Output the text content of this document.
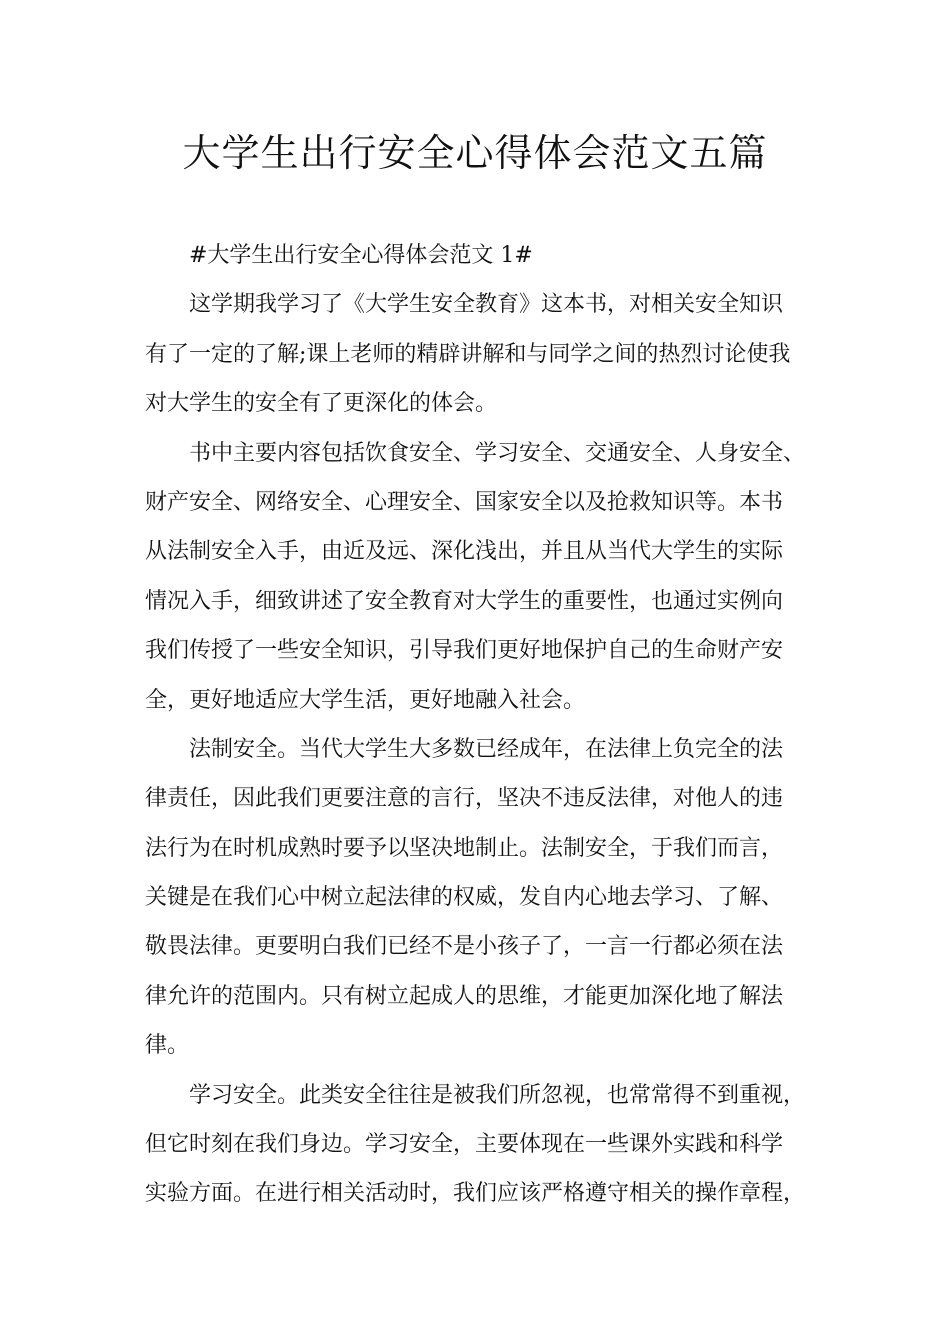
大学生出行安全心得体会范文五篇

#大学生出行安全心得体会范文 1#

这学期我学习了《大学生安全教育》这本书，对相关安全知识

有了一定的了解;课上老师的精辟讲解和与同学之间的热烈讨论使我

对大学生的安全有了更深化的体会。

书中主要内容包括饮食安全、学习安全、交通安全、人身安全、

财产安全、网络安全、心理安全、国家安全以及抢救知识等。本书

从法制安全入手，由近及远、深化浅出，并且从当代大学生的实际

情况入手，细致讲述了安全教育对大学生的重要性，也通过实例向

我们传授了一些安全知识，引导我们更好地保护自己的生命财产安

全，更好地适应大学生活，更好地融入社会。

法制安全。当代大学生大多数已经成年，在法律上负完全的法

律责任，因此我们更要注意的言行，坚决不违反法律，对他人的违

法行为在时机成熟时要予以坚决地制止。法制安全，于我们而言，

关键是在我们心中树立起法律的权威，发自内心地去学习、了解、

敬畏法律。更要明白我们已经不是小孩子了，一言一行都必须在法

律允许的范围内。只有树立起成人的思维，才能更加深化地了解法

律。

学习安全。此类安全往往是被我们所忽视，也常常得不到重视，

但它时刻在我们身边。学习安全，主要体现在一些课外实践和科学

实验方面。在进行相关活动时，我们应该严格遵守相关的操作章程，
